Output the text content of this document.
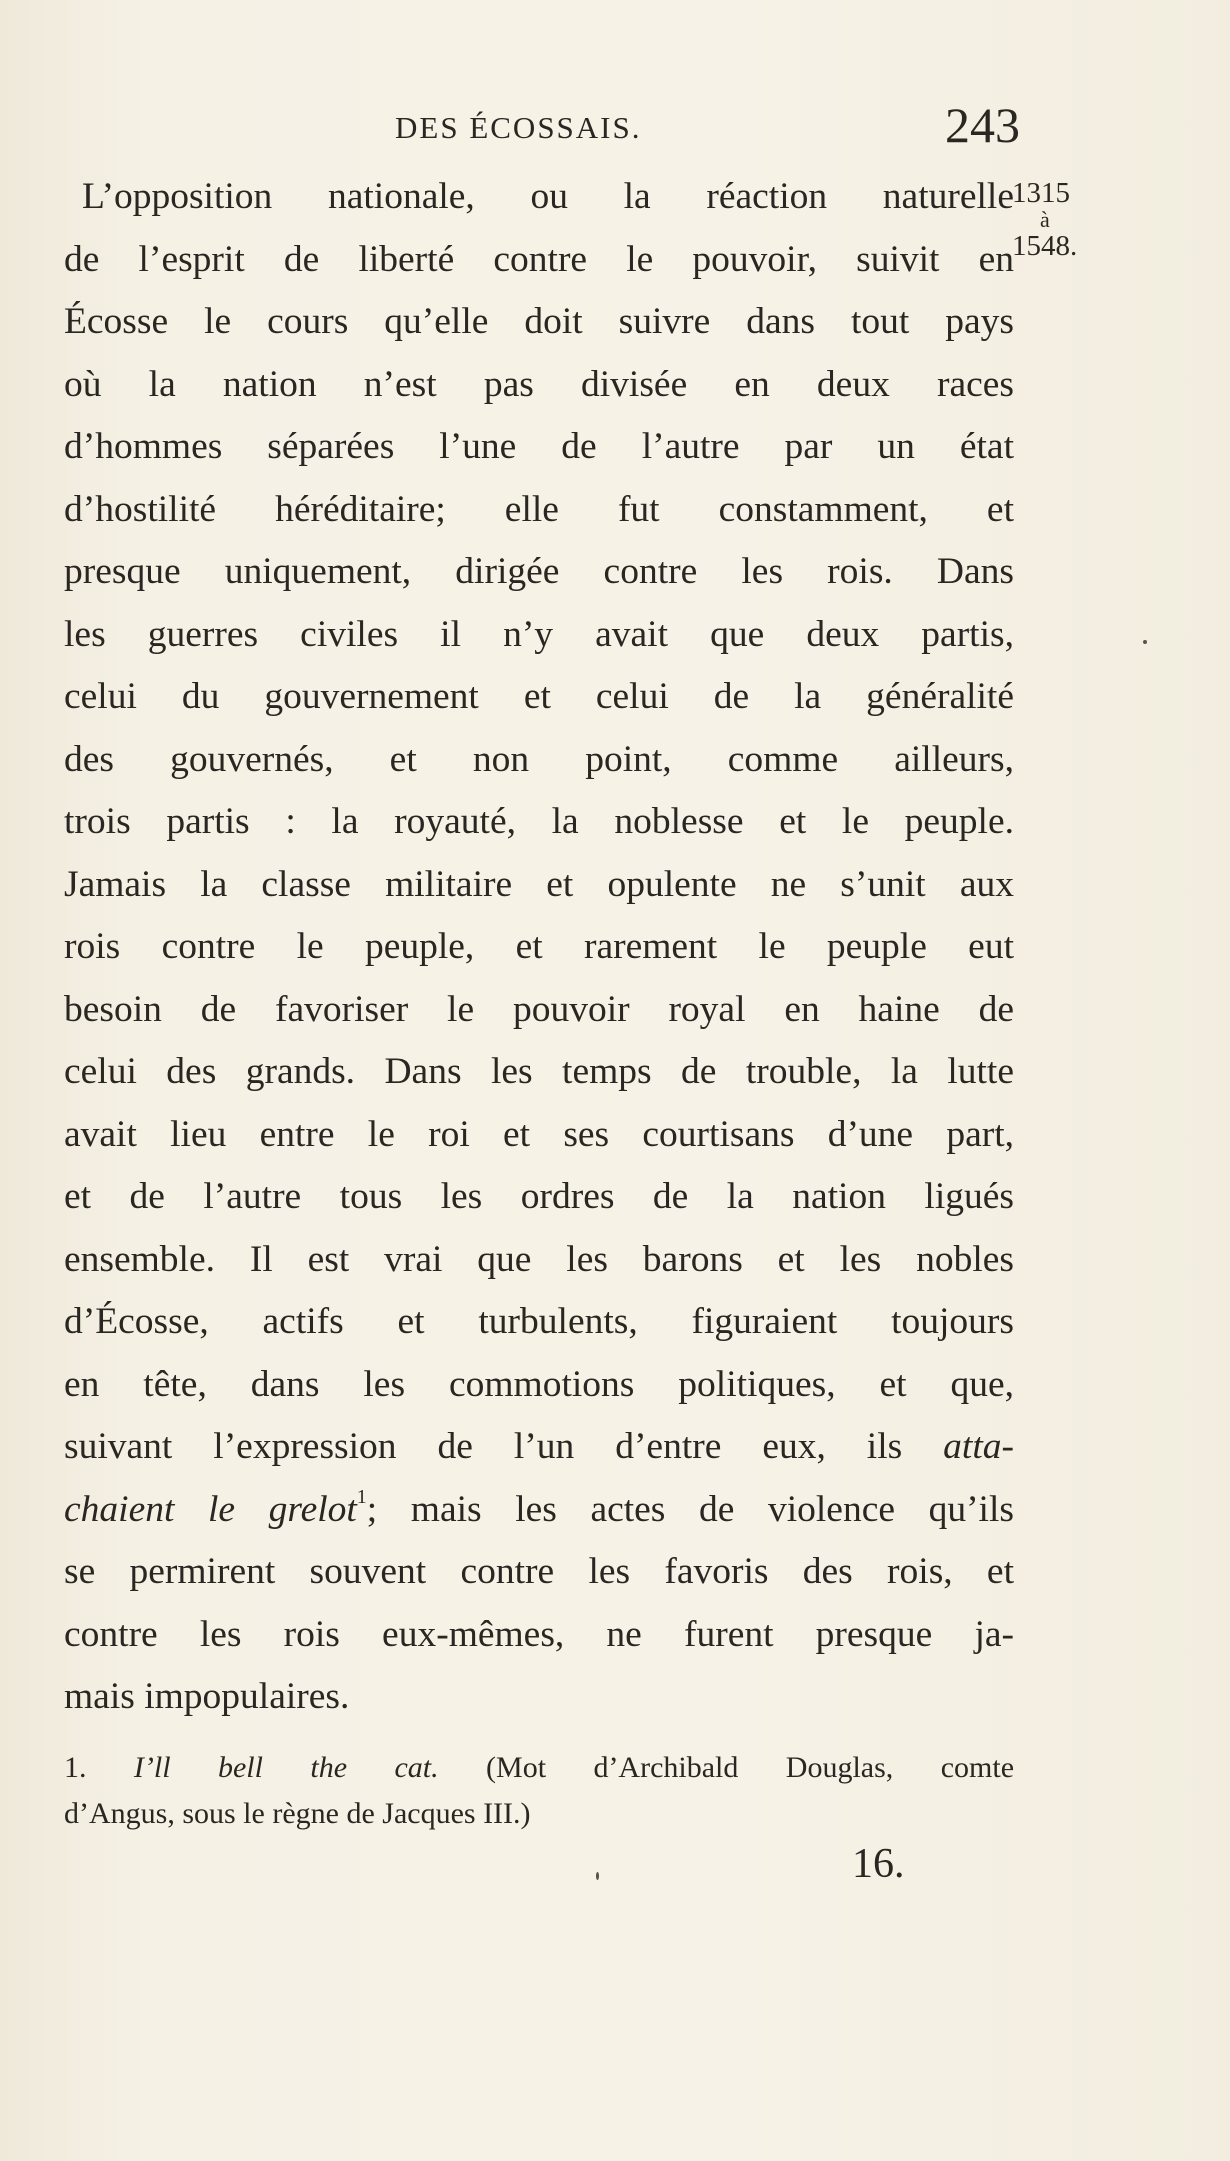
DES ÉCOSSAIS.	243
1315
à
1548.
L’opposition nationale, ou la réaction naturelle
de l’esprit de liberté contre le pouvoir, suivit en
Écosse le cours qu’elle doit suivre dans tout pays
où la nation n’est pas divisée en deux races
d’hommes séparées l’une de l’autre par un état
d’hostilité héréditaire; elle fut constamment, et
presque uniquement, dirigée contre les rois. Dans
les guerres civiles il n’y avait que deux partis,
celui du gouvernement et celui de la généralité
des gouvernés, et non point, comme ailleurs,
trois partis : la royauté, la noblesse et le peuple.
Jamais la classe militaire et opulente ne s’unit aux
rois contre le peuple, et rarement le peuple eut
besoin de favoriser le pouvoir royal en haine de
celui des grands. Dans les temps de trouble, la lutte
avait lieu entre le roi et ses courtisans d’une part,
et de l’autre tous les ordres de la nation ligués
ensemble. Il est vrai que les barons et les nobles
d’Écosse, actifs et turbulents, figuraient toujours
en tête, dans les commotions politiques, et que,
suivant l’expression de l’un d’entre eux, ils atta-
chaient le grelot$^1$; mais les actes de violence qu’ils
se permirent souvent contre les favoris des rois, et
contre les rois eux-mêmes, ne furent presque ja-
mais impopulaires.
1. I’ll bell the cat. (Mot d’Archibald Douglas, comte
d’Angus, sous le règne de Jacques III.)
16.
